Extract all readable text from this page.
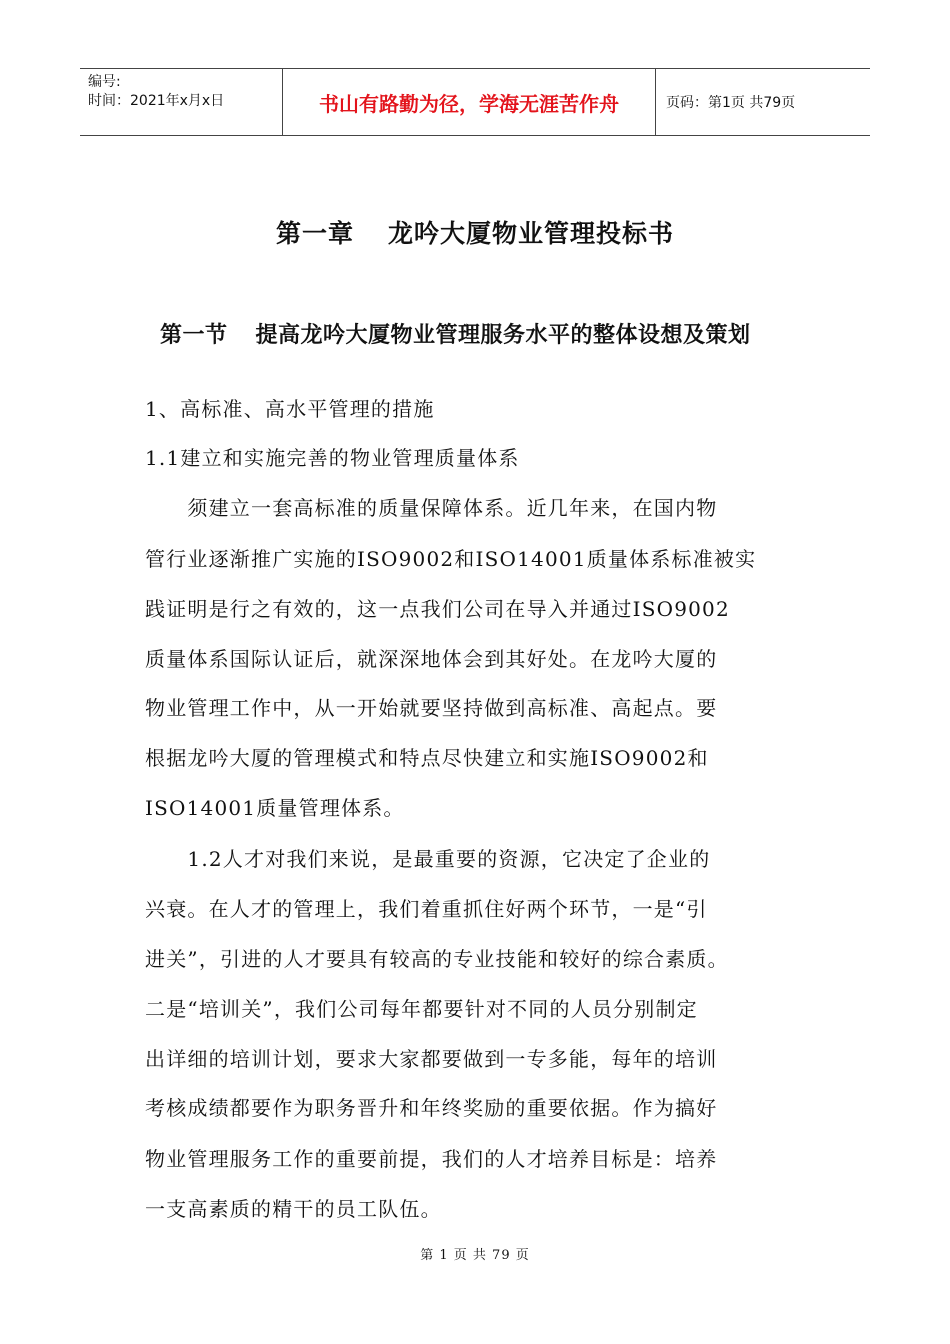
编号:
时间：2021年x月x日	书山有路勤为径，学海无涯苦作舟	页码：第1页 共79页
第一章 龙吟大厦物业管理投标书
第一节 提高龙吟大厦物业管理服务水平的整体设想及策划
1、高标准、高水平管理的措施
1.1建立和实施完善的物业管理质量体系
　　须建立一套高标准的质量保障体系。近几年来，在国内物
管行业逐渐推广实施的ISO9002和ISO14001质量体系标准被实
践证明是行之有效的，这一点我们公司在导入并通过ISO9002
质量体系国际认证后，就深深地体会到其好处。在龙吟大厦的
物业管理工作中，从一开始就要坚持做到高标准、高起点。要
根据龙吟大厦的管理模式和特点尽快建立和实施ISO9002和
ISO14001质量管理体系。
　　1.2人才对我们来说，是最重要的资源，它决定了企业的
兴衰。在人才的管理上，我们着重抓住好两个环节，一是“引
进关”，引进的人才要具有较高的专业技能和较好的综合素质。
二是“培训关”，我们公司每年都要针对不同的人员分别制定
出详细的培训计划，要求大家都要做到一专多能，每年的培训
考核成绩都要作为职务晋升和年终奖励的重要依据。作为搞好
物业管理服务工作的重要前提，我们的人才培养目标是：培养
一支高素质的精干的员工队伍。
第 1 页 共 79 页
